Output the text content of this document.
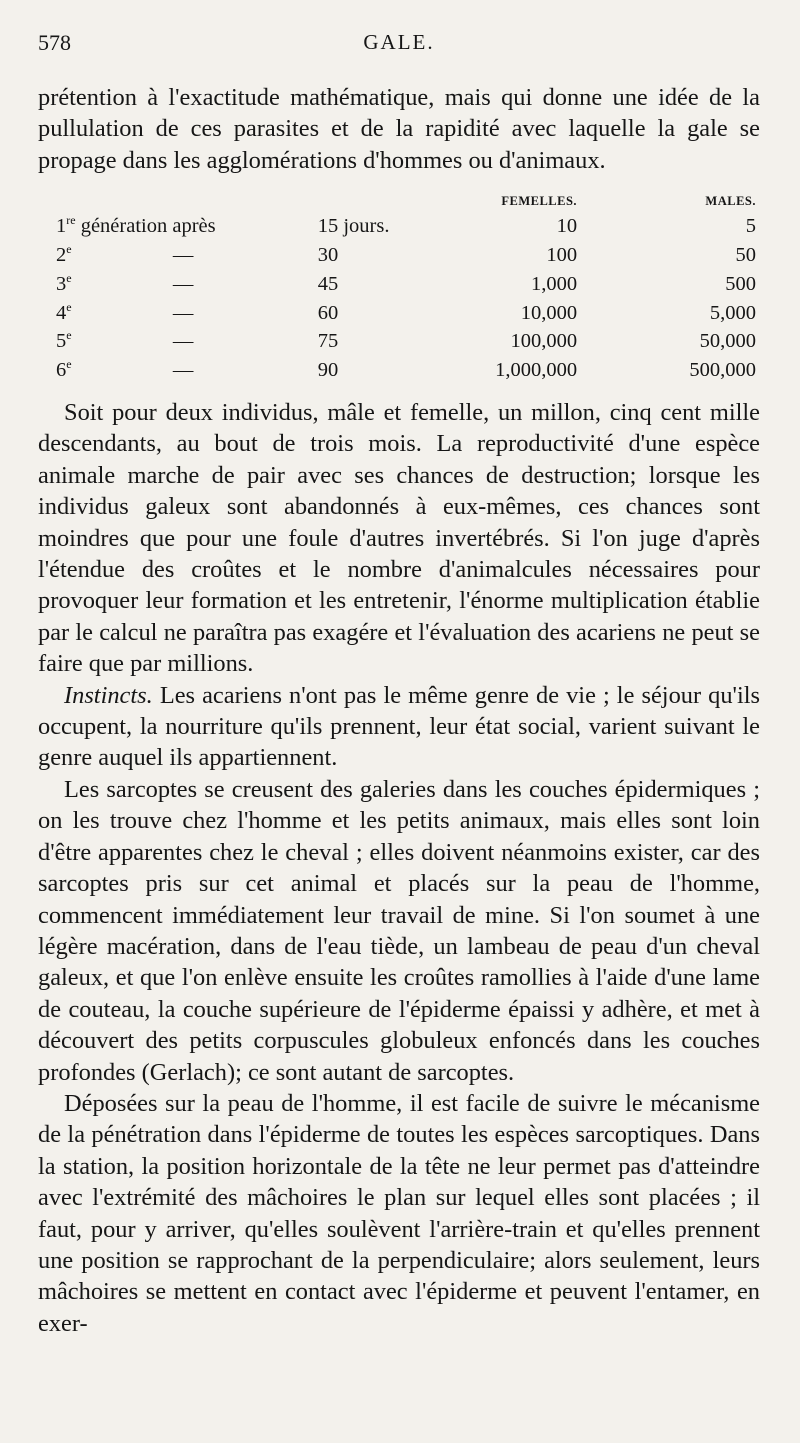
578	GALE.

prétention à l'exactitude mathématique, mais qui donne une idée de la pullulation de ces parasites et de la rapidité avec laquelle la gale se propage dans les agglomérations d'hommes ou d'animaux.

			FEMELLES.	MALES.
1re génération après		15 jours.	10	5
2e	—	30	100	50
3e	—	45	1,000	500
4e	—	60	10,000	5,000
5e	—	75	100,000	50,000
6e	—	90	1,000,000	500,000

Soit pour deux individus, mâle et femelle, un millon, cinq cent mille descendants, au bout de trois mois. La reproductivité d'une espèce animale marche de pair avec ses chances de destruction; lorsque les individus galeux sont abandonnés à eux-mêmes, ces chances sont moindres que pour une foule d'autres invertébrés. Si l'on juge d'après l'étendue des croûtes et le nombre d'animalcules nécessaires pour provoquer leur formation et les entretenir, l'énorme multiplication établie par le calcul ne paraîtra pas exagére et l'évaluation des acariens ne peut se faire que par millions.

Instincts. Les acariens n'ont pas le même genre de vie ; le séjour qu'ils occupent, la nourriture qu'ils prennent, leur état social, varient suivant le genre auquel ils appartiennent.

Les sarcoptes se creusent des galeries dans les couches épidermiques ; on les trouve chez l'homme et les petits animaux, mais elles sont loin d'être apparentes chez le cheval ; elles doivent néanmoins exister, car des sarcoptes pris sur cet animal et placés sur la peau de l'homme, commencent immédiatement leur travail de mine. Si l'on soumet à une légère macération, dans de l'eau tiède, un lambeau de peau d'un cheval galeux, et que l'on enlève ensuite les croûtes ramollies à l'aide d'une lame de couteau, la couche supérieure de l'épiderme épaissi y adhère, et met à découvert des petits corpuscules globuleux enfoncés dans les couches profondes (Gerlach); ce sont autant de sarcoptes.

Déposées sur la peau de l'homme, il est facile de suivre le mécanisme de la pénétration dans l'épiderme de toutes les espèces sarcoptiques. Dans la station, la position horizontale de la tête ne leur permet pas d'atteindre avec l'extrémité des mâchoires le plan sur lequel elles sont placées ; il faut, pour y arriver, qu'elles soulèvent l'arrière-train et qu'elles prennent une position se rapprochant de la perpendiculaire; alors seulement, leurs mâchoires se mettent en contact avec l'épiderme et peuvent l'entamer, en exer-
